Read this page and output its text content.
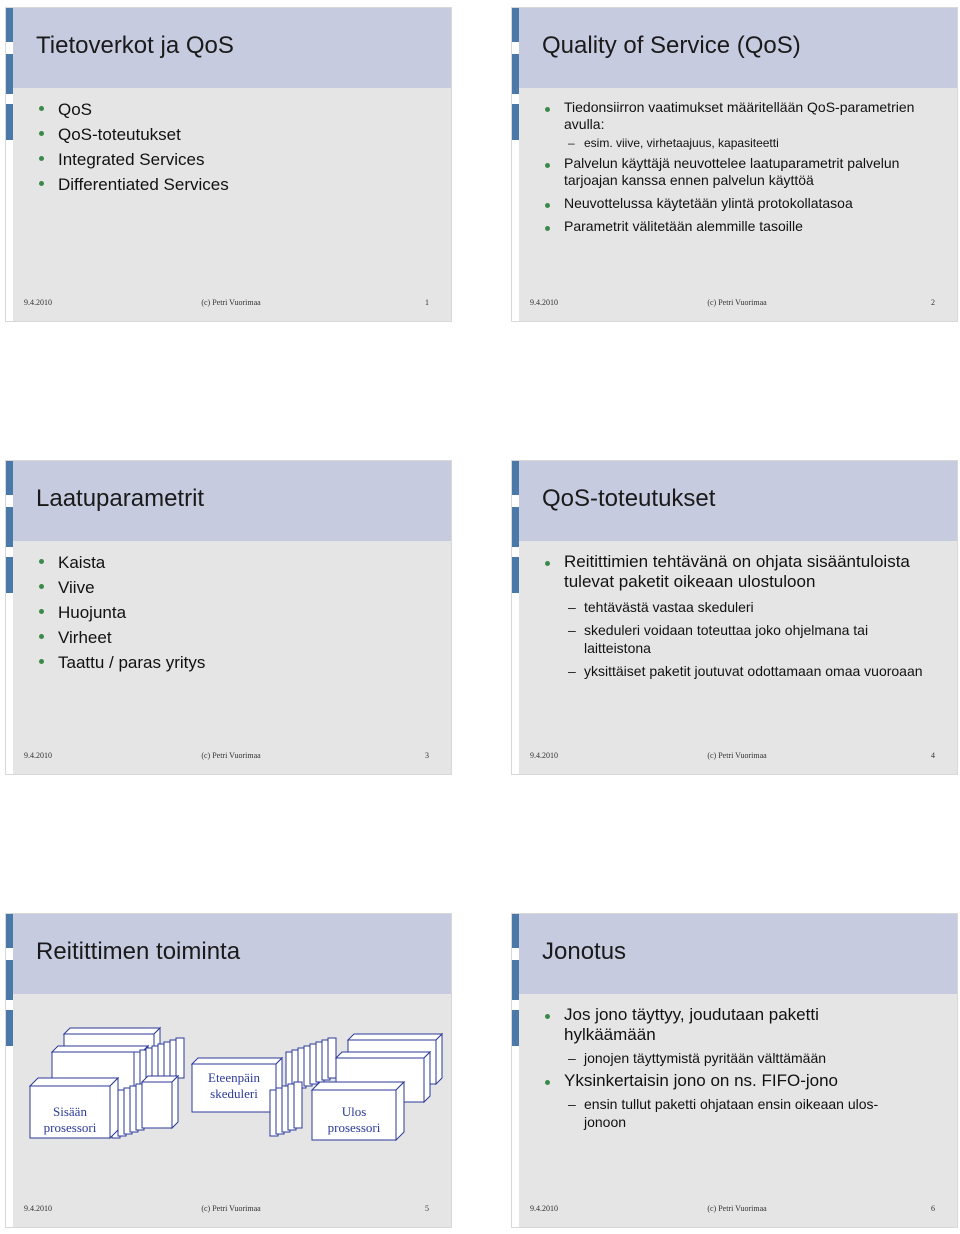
Tietoverkot ja QoS
QoS
QoS-toteutukset
Integrated Services
Differentiated Services
9.4.2010	(c) Petri Vuorimaa	1
Quality of Service (QoS)
Tiedonsiirron vaatimukset määritellään QoS-parametrien avulla:
– esim. viive, virhetaajuus, kapasiteetti
Palvelun käyttäjä neuvottelee laatuparametrit palvelun tarjoajan kanssa ennen palvelun käyttöä
Neuvottelussa käytetään ylintä protokollatasoa
Parametrit välitetään alemmille tasoille
9.4.2010	(c) Petri Vuorimaa	2
Laatuparametrit
Kaista
Viive
Huojunta
Virheet
Taattu / paras yritys
9.4.2010	(c) Petri Vuorimaa	3
QoS-toteutukset
Reitittimien tehtävänä on ohjata sisääntuloista tulevat paketit oikeaan ulostuloon
– tehtävästä vastaa skeduleri
– skeduleri voidaan toteuttaa joko ohjelmana tai laitteistona
– yksittäiset paketit joutuvat odottamaan omaa vuoroaan
9.4.2010	(c) Petri Vuorimaa	4
Reitittimen toiminta
Sisään
prosessori
Eteenpäin
skeduleri
Ulos
prosessori
9.4.2010	(c) Petri Vuorimaa	5
Jonotus
Jos jono täyttyy, joudutaan paketti hylkäämään
– jonojen täyttymistä pyritään välttämään
Yksinkertaisin jono on ns. FIFO-jono
– ensin tullut paketti ohjataan ensin oikeaan ulos-jonoon
9.4.2010	(c) Petri Vuorimaa	6
